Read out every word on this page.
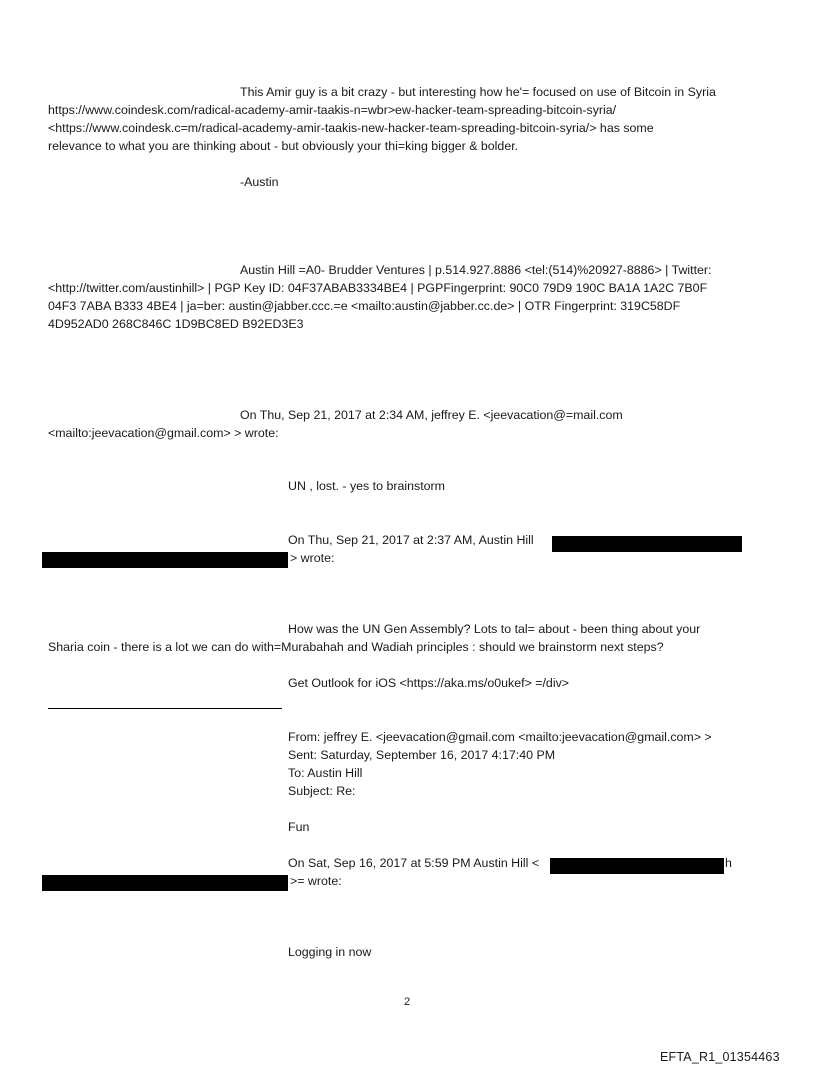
This Amir guy is a bit crazy - but interesting how he'= focused on use of Bitcoin in Syria
https://www.coindesk.com/radical-academy-amir-taakis-n=wbr>ew-hacker-team-spreading-bitcoin-syria/
<https://www.coindesk.c=m/radical-academy-amir-taakis-new-hacker-team-spreading-bitcoin-syria/> has some
relevance to what you are thinking about - but obviously your thi=king bigger & bolder.
-Austin
Austin Hill =A0- Brudder Ventures | p.514.927.8886 <tel:(514)%20927-8886> | Twitter:
<http://twitter.com/austinhill> | PGP Key ID: 04F37ABAB3334BE4 | PGPFingerprint: 90C0 79D9 190C BA1A 1A2C 7B0F
04F3 7ABA B333 4BE4 | ja=ber: austin@jabber.ccc.=e <mailto:austin@jabber.cc.de> | OTR Fingerprint: 319C58DF
4D952AD0 268C846C 1D9BC8ED B92ED3E3
On Thu, Sep 21, 2017 at 2:34 AM, jeffrey E. <jeevacation@=mail.com
<mailto:jeevacation@gmail.com> > wrote:
UN , lost. - yes to brainstorm
On Thu, Sep 21, 2017 at 2:37 AM, Austin Hill
> wrote:
How was the UN Gen Assembly? Lots to tal= about - been thing about your
Sharia coin - there is a lot we can do with=Murabahah and Wadiah principles : should we brainstorm next steps?
Get Outlook for iOS <https://aka.ms/o0ukef> =/div>
From: jeffrey E. <jeevacation@gmail.com <mailto:jeevacation@gmail.com> >
Sent: Saturday, September 16, 2017 4:17:40 PM
To: Austin Hill
Subject: Re:
Fun
On Sat, Sep 16, 2017 at 5:59 PM Austin Hill <	h
>= wrote:
Logging in now
2
EFTA_R1_01354463
